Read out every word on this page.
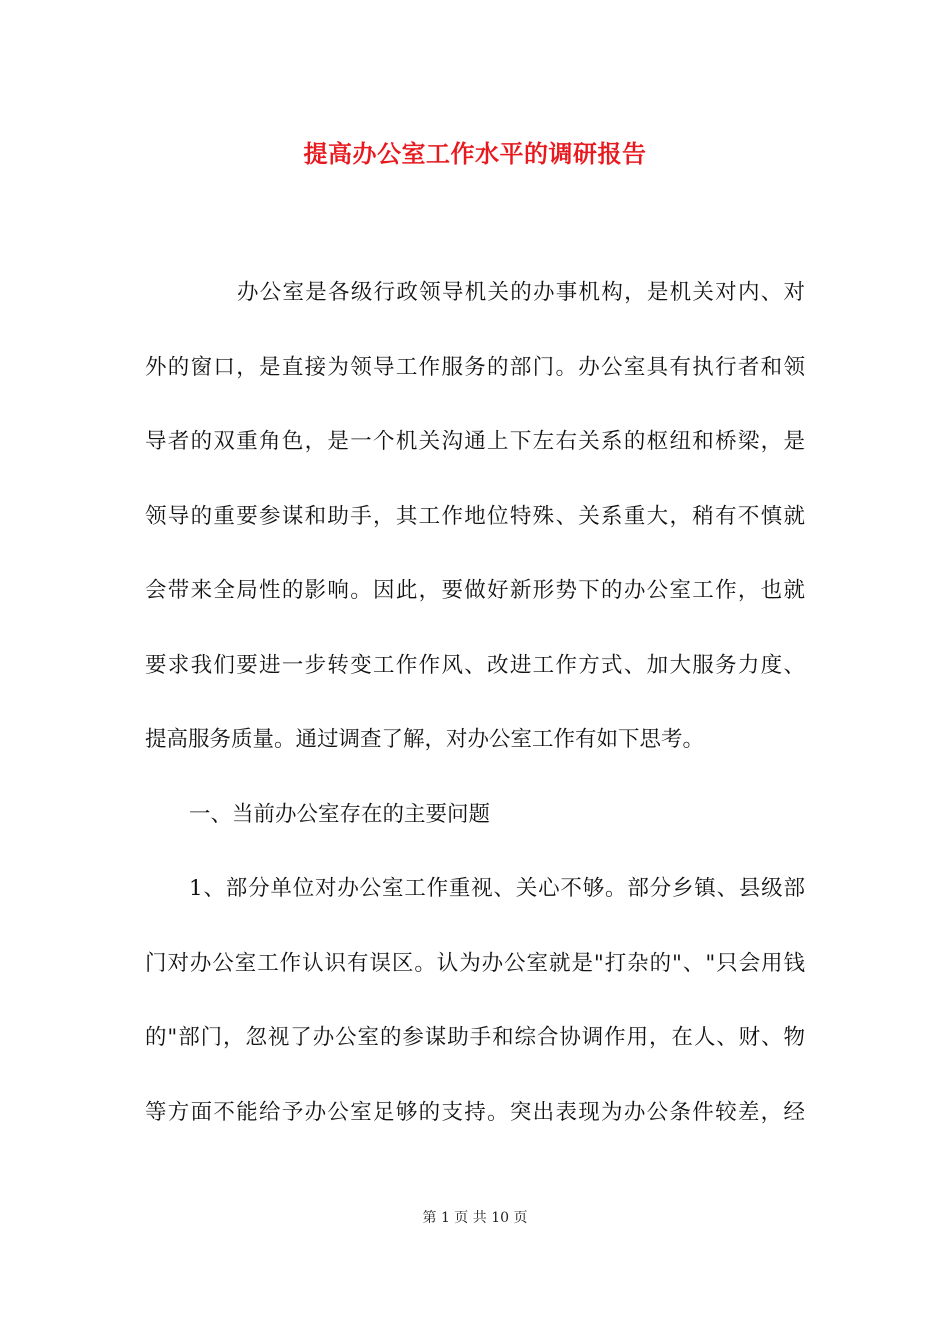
提高办公室工作水平的调研报告
办公室是各级行政领导机关的办事机构，是机关对内、对
外的窗口，是直接为领导工作服务的部门。办公室具有执行者和领
导者的双重角色，是一个机关沟通上下左右关系的枢纽和桥梁，是
领导的重要参谋和助手，其工作地位特殊、关系重大，稍有不慎就
会带来全局性的影响。因此，要做好新形势下的办公室工作，也就
要求我们要进一步转变工作作风、改进工作方式、加大服务力度、
提高服务质量。通过调查了解，对办公室工作有如下思考。
一、当前办公室存在的主要问题
1、部分单位对办公室工作重视、关心不够。部分乡镇、县级部
门对办公室工作认识有误区。认为办公室就是"打杂的"、"只会用钱
的"部门，忽视了办公室的参谋助手和综合协调作用，在人、财、物
等方面不能给予办公室足够的支持。突出表现为办公条件较差，经
第 1 页 共 10 页
